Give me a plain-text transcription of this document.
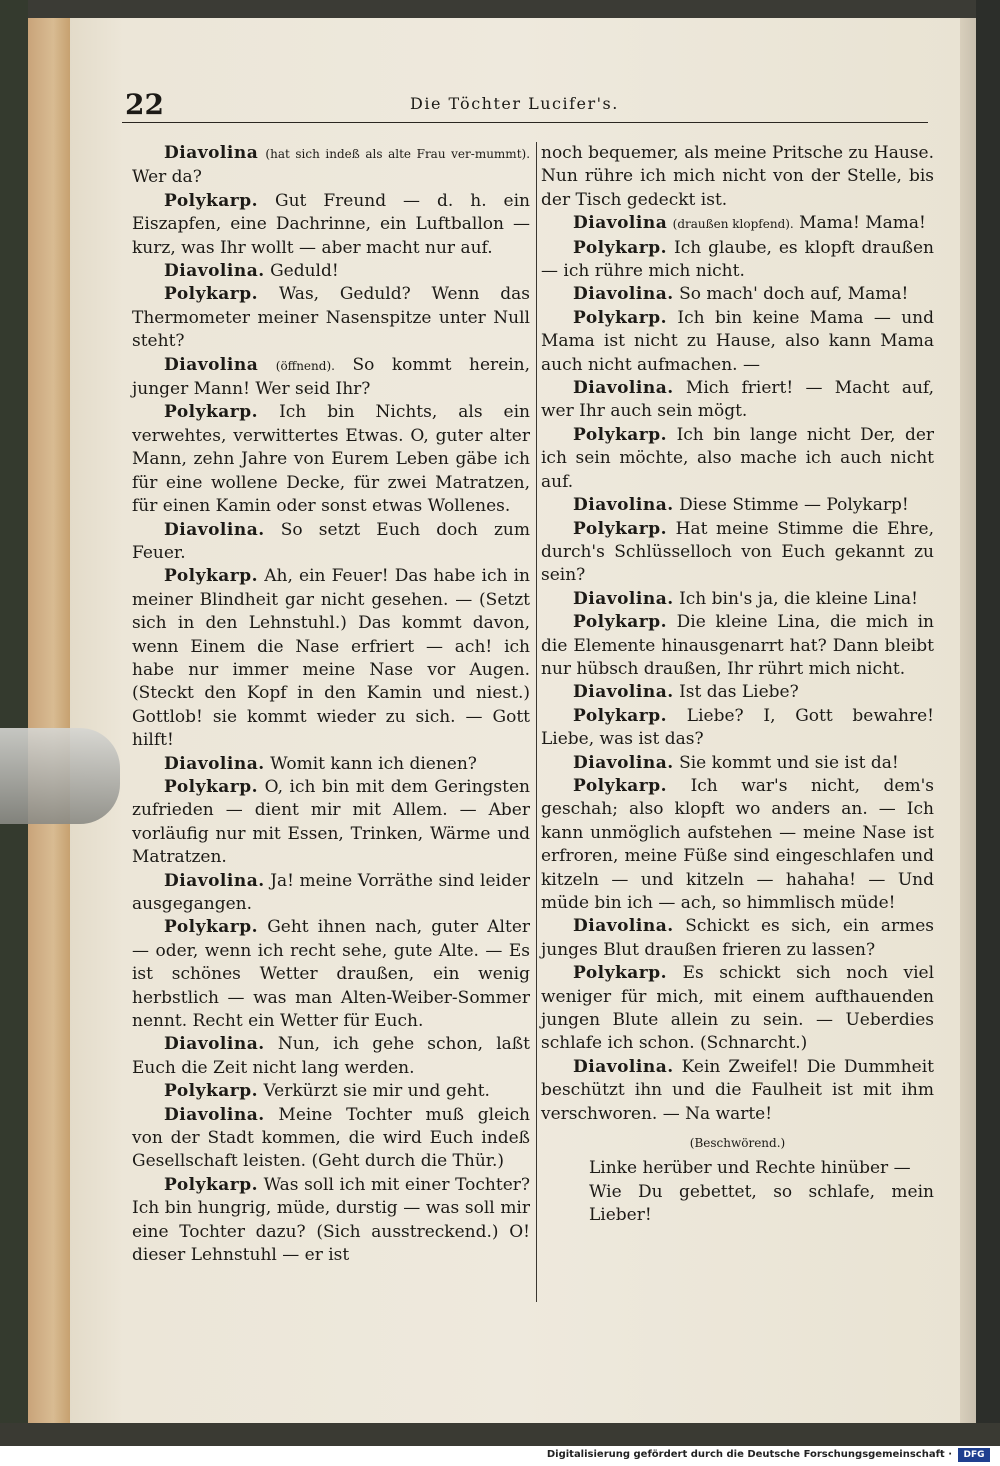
22	Die Töchter Lucifer's.

Diavolina (hat sich indeß als alte Frau ver-mummt). Wer da?

Polykarp. Gut Freund — d. h. ein Eiszapfen, eine Dachrinne, ein Luftballon — kurz, was Ihr wollt — aber macht nur auf.

Diavolina. Geduld!

Polykarp. Was, Geduld? Wenn das Thermometer meiner Nasenspitze unter Null steht?

Diavolina (öffnend). So kommt herein, junger Mann! Wer seid Ihr?

Polykarp. Ich bin Nichts, als ein verwehtes, verwittertes Etwas. O, guter alter Mann, zehn Jahre von Eurem Leben gäbe ich für eine wollene Decke, für zwei Matratzen, für einen Kamin oder sonst etwas Wollenes.

Diavolina. So setzt Euch doch zum Feuer.

Polykarp. Ah, ein Feuer! Das habe ich in meiner Blindheit gar nicht gesehen. — (Setzt sich in den Lehnstuhl.) Das kommt davon, wenn Einem die Nase erfriert — ach! ich habe nur immer meine Nase vor Augen. (Steckt den Kopf in den Kamin und niest.) Gottlob! sie kommt wieder zu sich. — Gott hilft!

Diavolina. Womit kann ich dienen?

Polykarp. O, ich bin mit dem Geringsten zufrieden — dient mir mit Allem. — Aber vorläufig nur mit Essen, Trinken, Wärme und Matratzen.

Diavolina. Ja! meine Vorräthe sind leider ausgegangen.

Polykarp. Geht ihnen nach, guter Alter — oder, wenn ich recht sehe, gute Alte. — Es ist schönes Wetter draußen, ein wenig herbstlich — was man Alten-Weiber-Sommer nennt. Recht ein Wetter für Euch.

Diavolina. Nun, ich gehe schon, laßt Euch die Zeit nicht lang werden.

Polykarp. Verkürzt sie mir und geht.

Diavolina. Meine Tochter muß gleich von der Stadt kommen, die wird Euch indeß Gesellschaft leisten. (Geht durch die Thür.)

Polykarp. Was soll ich mit einer Tochter? Ich bin hungrig, müde, durstig — was soll mir eine Tochter dazu? (Sich ausstreckend.) O! dieser Lehnstuhl — er ist

noch bequemer, als meine Pritsche zu Hause. Nun rühre ich mich nicht von der Stelle, bis der Tisch gedeckt ist.

Diavolina (draußen klopfend). Mama! Mama!

Polykarp. Ich glaube, es klopft draußen — ich rühre mich nicht.

Diavolina. So mach' doch auf, Mama!

Polykarp. Ich bin keine Mama — und Mama ist nicht zu Hause, also kann Mama auch nicht aufmachen. —

Diavolina. Mich friert! — Macht auf, wer Ihr auch sein mögt.

Polykarp. Ich bin lange nicht Der, der ich sein möchte, also mache ich auch nicht auf.

Diavolina. Diese Stimme — Polykarp!

Polykarp. Hat meine Stimme die Ehre, durch's Schlüsselloch von Euch gekannt zu sein?

Diavolina. Ich bin's ja, die kleine Lina!

Polykarp. Die kleine Lina, die mich in die Elemente hinausgenarrt hat? Dann bleibt nur hübsch draußen, Ihr rührt mich nicht.

Diavolina. Ist das Liebe?

Polykarp. Liebe? I, Gott bewahre! Liebe, was ist das?

Diavolina. Sie kommt und sie ist da!

Polykarp. Ich war's nicht, dem's geschah; also klopft wo anders an. — Ich kann unmöglich aufstehen — meine Nase ist erfroren, meine Füße sind eingeschlafen und kitzeln — und kitzeln — hahaha! — Und müde bin ich — ach, so himmlisch müde!

Diavolina. Schickt es sich, ein armes junges Blut draußen frieren zu lassen?

Polykarp. Es schickt sich noch viel weniger für mich, mit einem aufthauenden jungen Blute allein zu sein. — Ueberdies schlafe ich schon. (Schnarcht.)

Diavolina. Kein Zweifel! Die Dummheit beschützt ihn und die Faulheit ist mit ihm verschworen. — Na warte!

(Beschwörend.)

Linke herüber und Rechte hinüber —

Wie Du gebettet, so schlafe, mein Lieber!

Digitalisierung gefördert durch die Deutsche Forschungsgemeinschaft ·	DFG
